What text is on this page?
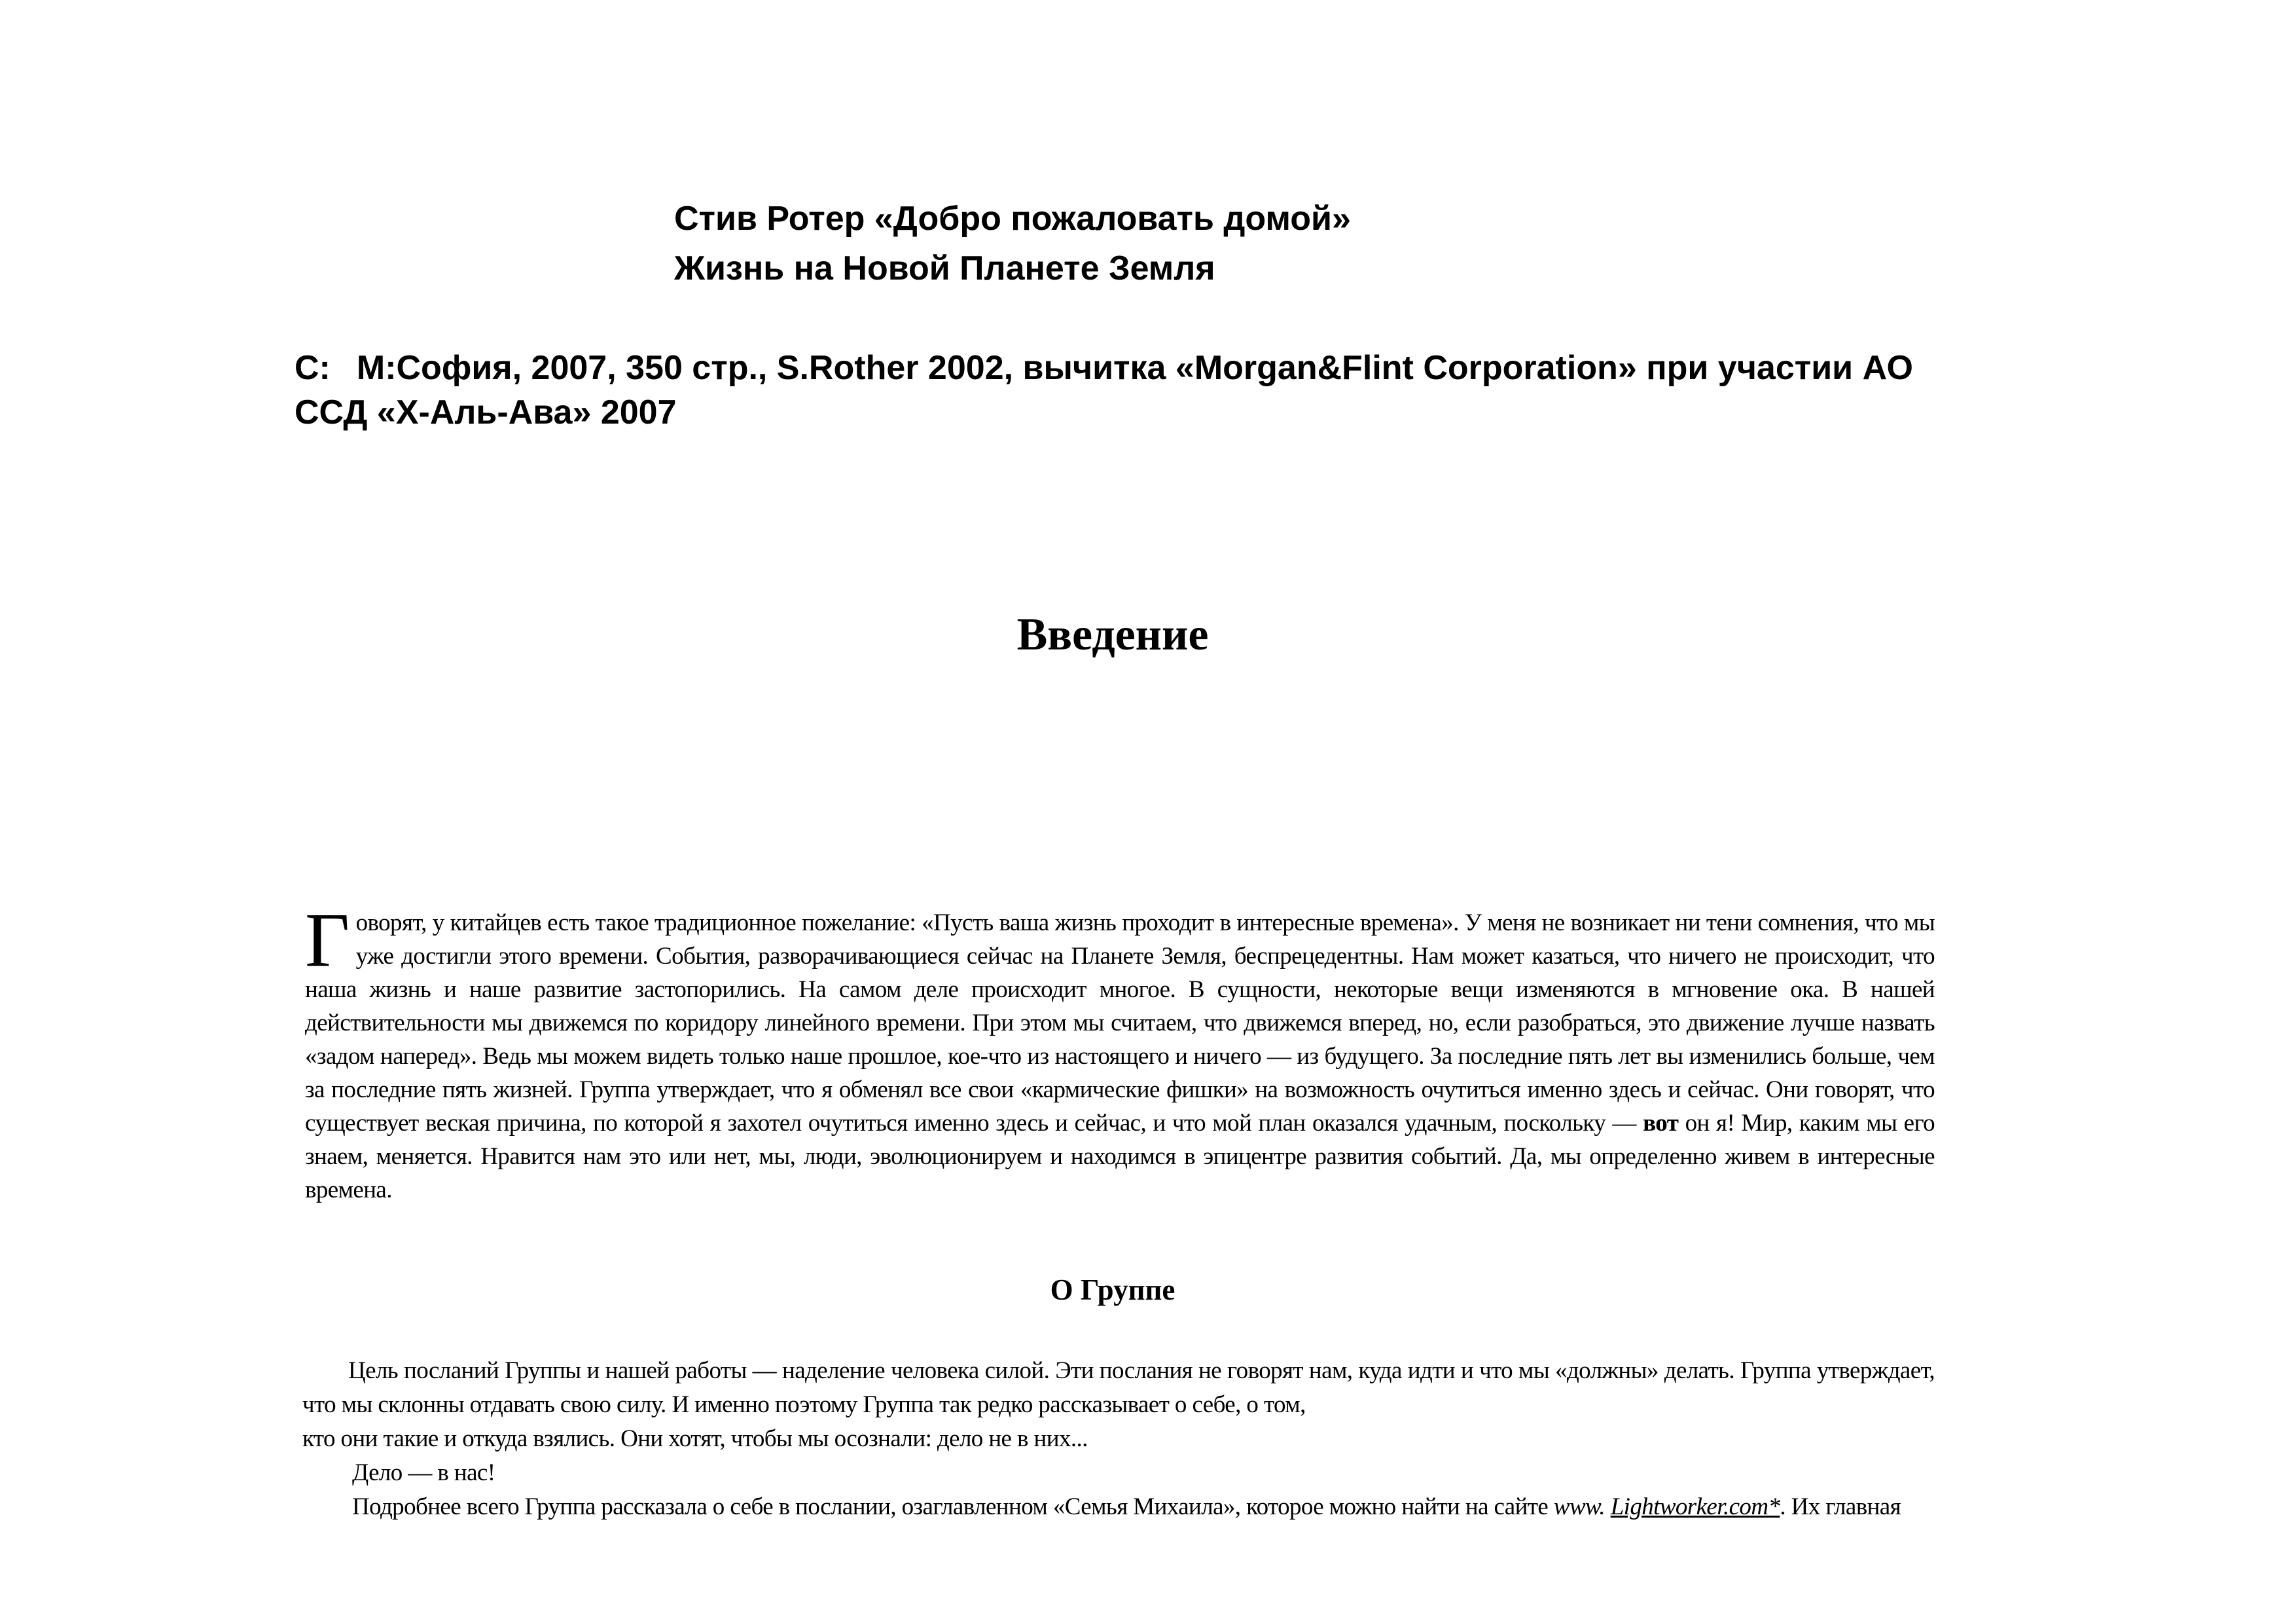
Стив Ротер «Добро пожаловать домой»
Жизнь на Новой Планете Земля
С: М:София, 2007, 350 стр., S.Rother 2002, вычитка «Morgan&Flint Corporation» при участии АО ССД «Х-Аль-Ава» 2007
Введение

Говорят, у китайцев есть такое традиционное пожелание: «Пусть ваша жизнь проходит в интересные времена». У меня не возникает ни тени сомнения, что мы уже достигли этого времени. События, разворачивающиеся сейчас на Планете Земля, беспрецедентны. Нам может казаться, что ничего не происходит, что наша жизнь и наше развитие застопорились. На самом деле происходит многое. В сущности, некоторые вещи изменяются в мгновение ока. В нашей действительности мы движемся по коридору линейного времени. При этом мы считаем, что движемся вперед, но, если разобраться, это движение лучше назвать «задом наперед». Ведь мы можем видеть только наше прошлое, кое-что из настоящего и ничего — из будущего. За последние пять лет вы изменились больше, чем за последние пять жизней. Группа утверждает, что я обменял все свои «кармические фишки» на возможность очутиться именно здесь и сейчас. Они говорят, что существует веская причина, по которой я захотел очутиться именно здесь и сейчас, и что мой план оказался удачным, поскольку — вот он я! Мир, каким мы его знаем, меняется. Нравится нам это или нет, мы, люди, эволюционируем и находимся в эпицентре развития событий. Да, мы определенно живем в интересные времена.

О Группе

Цель посланий Группы и нашей работы — наделение человека силой. Эти послания не говорят нам, куда идти и что мы «должны» делать. Группа утверждает, что мы склонны отдавать свою силу. И именно поэтому Группа так редко рассказывает о себе, о том,

кто они такие и откуда взялись. Они хотят, чтобы мы осознали: дело не в них...

Дело — в нас!

Подробнее всего Группа рассказала о себе в послании, озаглавленном «Семья Михаила», которое можно найти на сайте www. Lightworker.com*. Их главная
